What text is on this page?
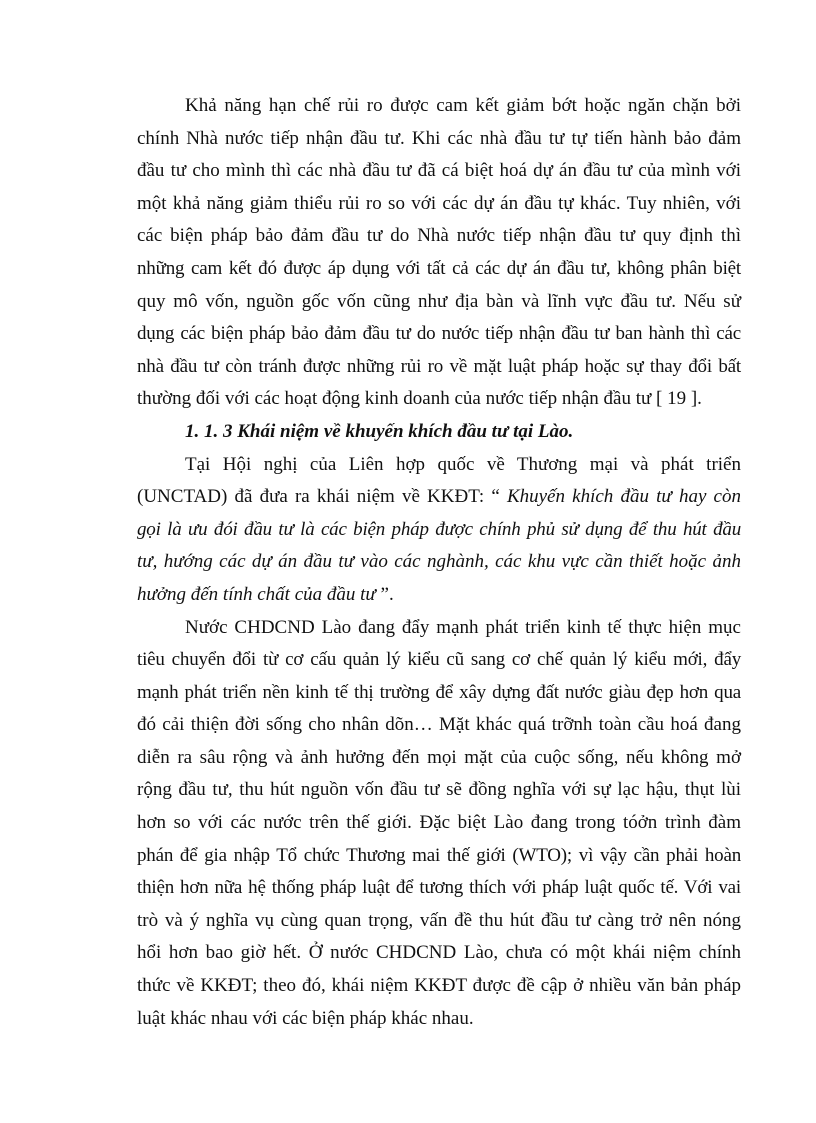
Khả năng hạn chế rủi ro được cam kết giảm bớt hoặc ngăn chặn bởi
chính Nhà nước tiếp nhận đầu tư. Khi các nhà đầu tư tự tiến hành bảo đảm
đầu tư cho mình thì các nhà đầu tư đã cá biệt hoá dự án đầu tư của mình với
một khả năng giảm thiểu rủi ro so với các dự án đầu tự khác. Tuy nhiên, với
các biện pháp bảo đảm đầu tư do Nhà nước tiếp nhận đầu tư quy định thì
những cam kết đó được áp dụng với tất cả các dự án đầu tư, không phân biệt
quy mô vốn, nguồn gốc vốn cũng như địa bàn và lĩnh vực đầu tư. Nếu sử
dụng các biện pháp bảo đảm đầu tư do nước tiếp nhận đầu tư ban hành thì các
nhà đầu tư còn tránh được những rủi ro về mặt luật pháp hoặc sự thay đổi bất
thường đối với các hoạt động kinh doanh của nước tiếp nhận đầu tư [ 19 ].
1. 1. 3 Khái niệm về khuyến khích đầu tư tại Lào.
Tại Hội nghị của Liên hợp quốc về Thương mại và phát triển
(UNCTAD) đã đưa ra khái niệm về KKĐT: “ Khuyến khích đầu tư hay còn
gọi là ưu đói đầu tư là các biện pháp được chính phủ sử dụng để thu hút đầu
tư, hướng các dự án đầu tư vào các nghành, các khu vực cần thiết hoặc ảnh
hưởng đến tính chất của đầu tư ”.
Nước CHDCND Lào đang đẩy mạnh phát triển kinh tế thực hiện mục
tiêu chuyển đổi từ cơ cấu quản lý kiểu cũ sang cơ chế quản lý kiểu mới, đẩy
mạnh phát triển nền kinh tế thị trường để xây dựng đất nước giàu đẹp hơn qua
đó cải thiện đời sống cho nhân dõn… Mặt khác quá trỡnh toàn cầu hoá đang
diễn ra sâu rộng và ảnh hưởng đến mọi mặt của cuộc sống, nếu không mở
rộng đầu tư, thu hút nguồn vốn đầu tư sẽ đồng nghĩa với sự lạc hậu, thụt lùi
hơn so với các nước trên thế giới. Đặc biệt Lào đang trong tóởn trình đàm
phán để gia nhập Tổ chức Thương mai thế giới (WTO); vì vậy cần phải hoàn
thiện hơn nữa hệ thống pháp luật để tương thích với pháp luật quốc tế. Với vai
trò và ý nghĩa vụ cùng quan trọng, vấn đề thu hút đầu tư càng trở nên nóng
hổi hơn bao giờ hết. Ở nước CHDCND Lào, chưa có một khái niệm chính
thức về KKĐT; theo đó, khái niệm KKĐT được đề cập ở nhiều văn bản pháp
luật khác nhau với các biện pháp khác nhau.
